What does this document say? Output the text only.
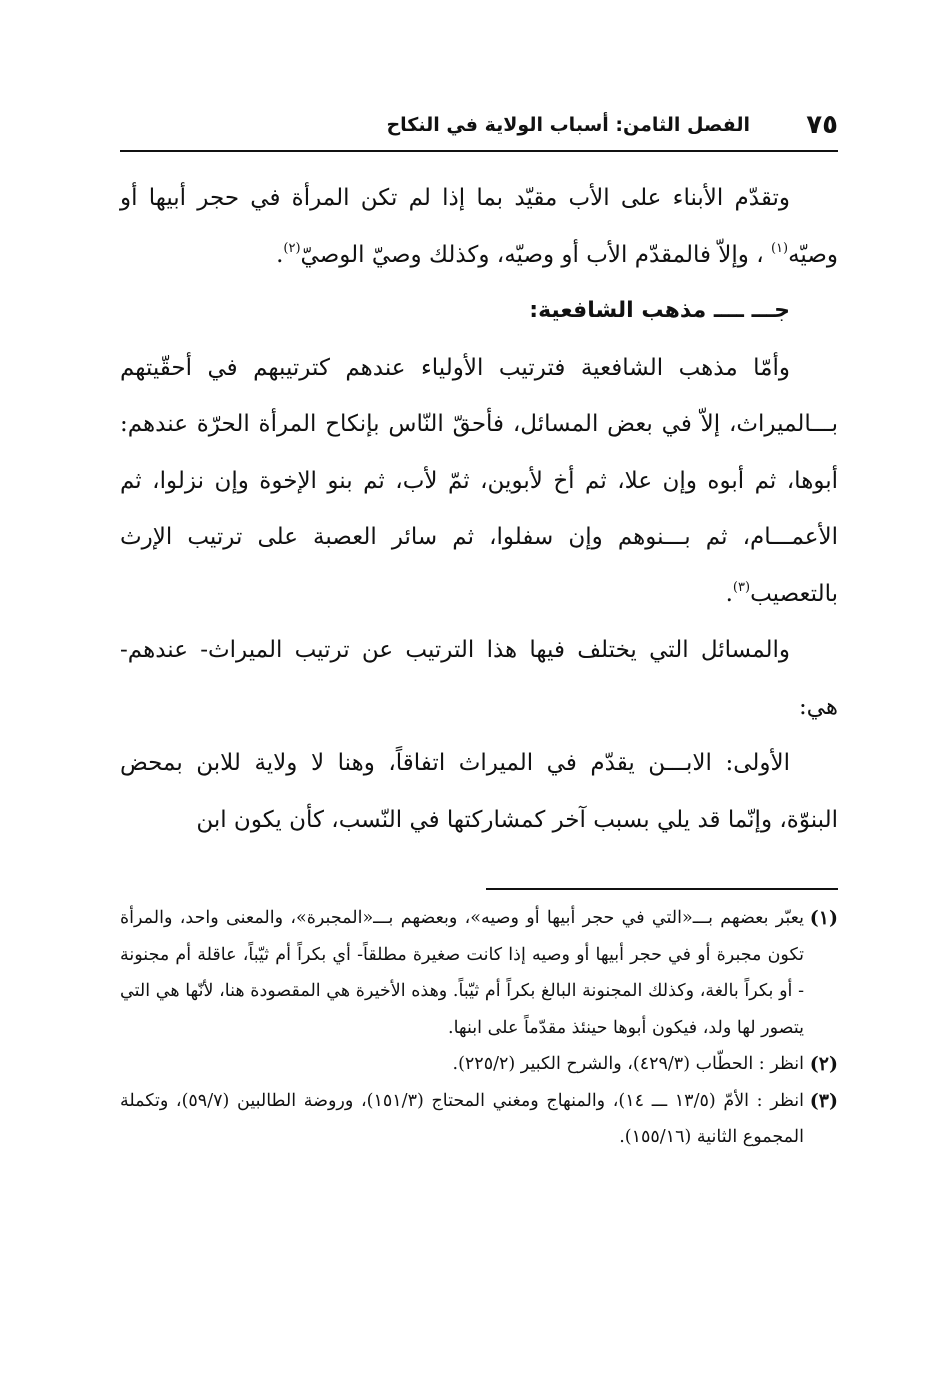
٧٥
الفصل الثامن: أسباب الولاية في النكاح

وتقدّم الأبناء على الأب مقيّد بما إذا لم تكن المرأة في حجر أبيها أو وصيّه$^{(١)}$ ، وإلاّ فالمقدّم الأب أو وصيّه، وكذلك وصيّ الوصيّ$^{(٢)}$.

جـــ ــــ مذهب الشافعية:

وأمّا مذهب الشافعية فترتيب الأولياء عندهم كترتيبهم في أحقّيتهم بـــالميراث، إلاّ في بعض المسائل، فأحقّ النّاس بإنكاح المرأة الحرّة عندهم: أبوها، ثم أبوه وإن علا، ثم أخ لأبوين، ثمّ لأب، ثم بنو الإخوة وإن نزلوا، ثم الأعمـــام، ثم بـــنوهم وإن سفلوا، ثم سائر العصبة على ترتيب الإرث بالتعصيب$^{(٣)}$.

والمسائل التي يختلف فيها هذا الترتيب عن ترتيب الميراث- عندهم- هي:

الأولى: الابـــن يقدّم في الميراث اتفاقاً، وهنا لا ولاية للابن بمحض البنوّة، وإنّما قد يلي بسبب آخر كمشاركتها في النّسب، كأن يكون ابن

(١)
يعبّر بعضهم بـــ«التي في حجر أبيها أو وصيه»، وبعضهم بـــ«المجبرة»، والمعنى واحد، والمرأة تكون مجبرة أو في حجر أبيها أو وصيه إذا كانت صغيرة مطلقاً- أي بكراً أم ثيّباً، عاقلة أم مجنونة - أو بكراً بالغة، وكذلك المجنونة البالغ بكراً أم ثيّباً. وهذه الأخيرة هي المقصودة هنا، لأنّها هي التي يتصور لها ولد، فيكون أبوها حينئذ مقدّماً على ابنها.

(٢)
انظر : الحطّاب (٤٢٩/٣)، والشرح الكبير (٢٢٥/٢).

(٣)
انظر : الأمّ (١٣/٥ ـــ ١٤)، والمنهاج ومغني المحتاج (١٥١/٣)، وروضة الطالبين (٥٩/٧)، وتكملة المجموع الثانية (١٥٥/١٦).
